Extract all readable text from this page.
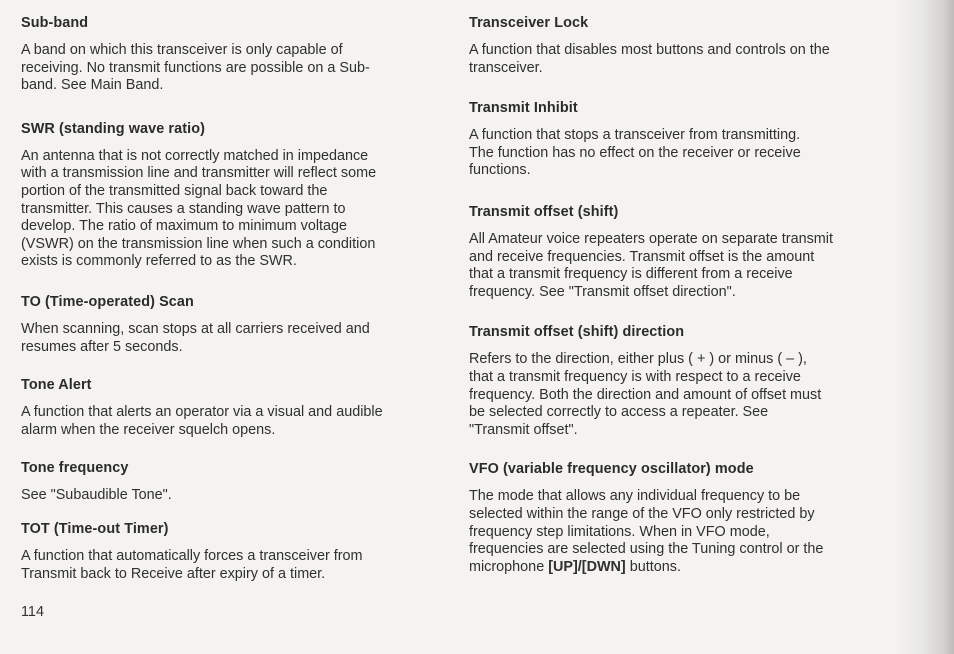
Sub-band
A band on which this transceiver is only capable of
receiving. No transmit functions are possible on a Sub-
band. See Main Band.
SWR (standing wave ratio)
An antenna that is not correctly matched in impedance
with a transmission line and transmitter will reflect some
portion of the transmitted signal back toward the
transmitter. This causes a standing wave pattern to
develop. The ratio of maximum to minimum voltage
(VSWR) on the transmission line when such a condition
exists is commonly referred to as the SWR.
TO (Time-operated) Scan
When scanning, scan stops at all carriers received and
resumes after 5 seconds.
Tone Alert
A function that alerts an operator via a visual and audible
alarm when the receiver squelch opens.
Tone frequency
See "Subaudible Tone".
TOT (Time-out Timer)
A function that automatically forces a transceiver from
Transmit back to Receive after expiry of a timer.
Transceiver Lock
A function that disables most buttons and controls on the
transceiver.
Transmit Inhibit
A function that stops a transceiver from transmitting.
The function has no effect on the receiver or receive
functions.
Transmit offset (shift)
All Amateur voice repeaters operate on separate transmit
and receive frequencies. Transmit offset is the amount
that a transmit frequency is different from a receive
frequency. See "Transmit offset direction".
Transmit offset (shift) direction
Refers to the direction, either plus ( + ) or minus ( – ),
that a transmit frequency is with respect to a receive
frequency. Both the direction and amount of offset must
be selected correctly to access a repeater. See
"Transmit offset".
VFO (variable frequency oscillator) mode
The mode that allows any individual frequency to be
selected within the range of the VFO only restricted by
frequency step limitations. When in VFO mode,
frequencies are selected using the Tuning control or the
microphone [UP]/[DWN] buttons.
114
